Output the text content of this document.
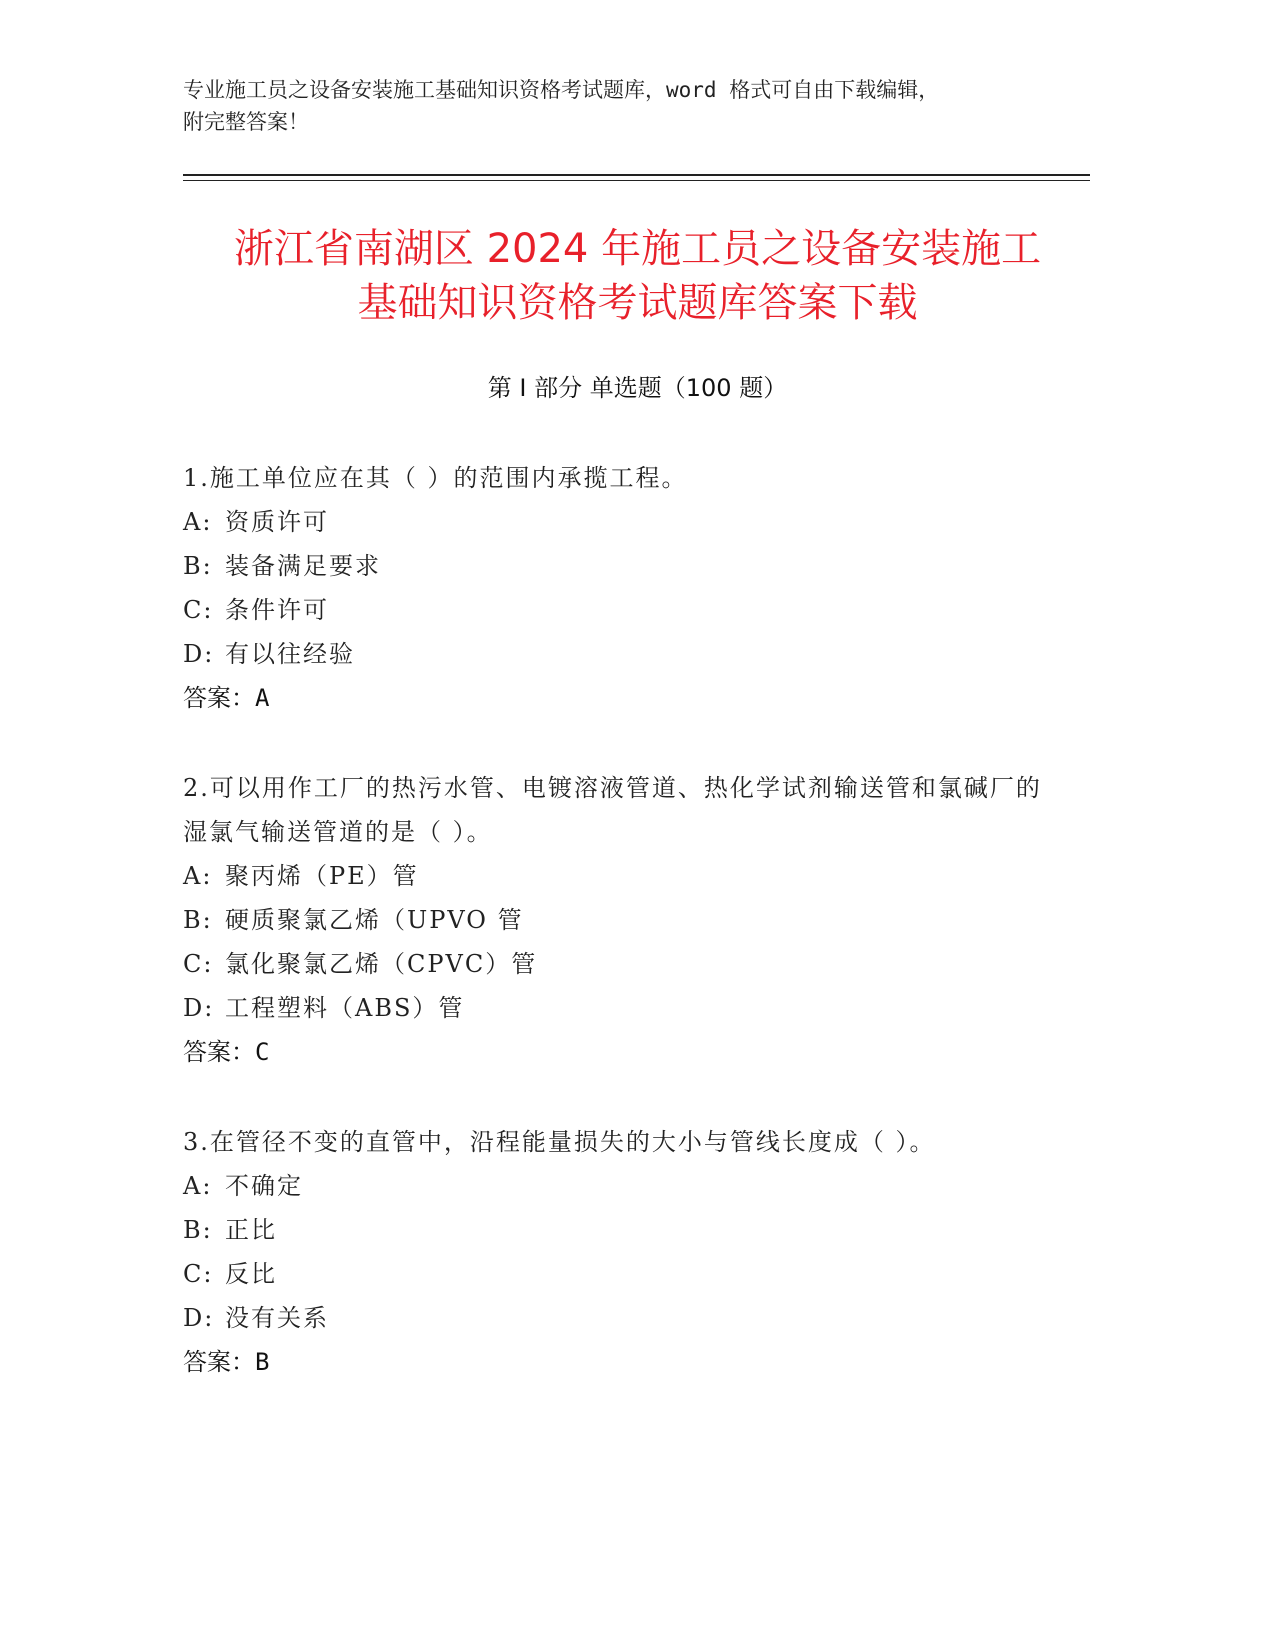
专业施工员之设备安装施工基础知识资格考试题库，word 格式可自由下载编辑，
附完整答案！
浙江省南湖区 2024 年施工员之设备安装施工
基础知识资格考试题库答案下载
第 I 部分 单选题（100 题）
1.施工单位应在其（ ）的范围内承揽工程。
A: 资质许可
B: 装备满足要求
C: 条件许可
D: 有以往经验
答案：A
2.可以用作工厂的热污水管、电镀溶液管道、热化学试剂输送管和氯碱厂的湿氯气输送管道的是（ ）。
A: 聚丙烯（PE）管
B: 硬质聚氯乙烯（UPVO 管
C: 氯化聚氯乙烯（CPVC）管
D: 工程塑料（ABS）管
答案：C
3.在管径不变的直管中，沿程能量损失的大小与管线长度成（ ）。
A: 不确定
B: 正比
C: 反比
D: 没有关系
答案：B
